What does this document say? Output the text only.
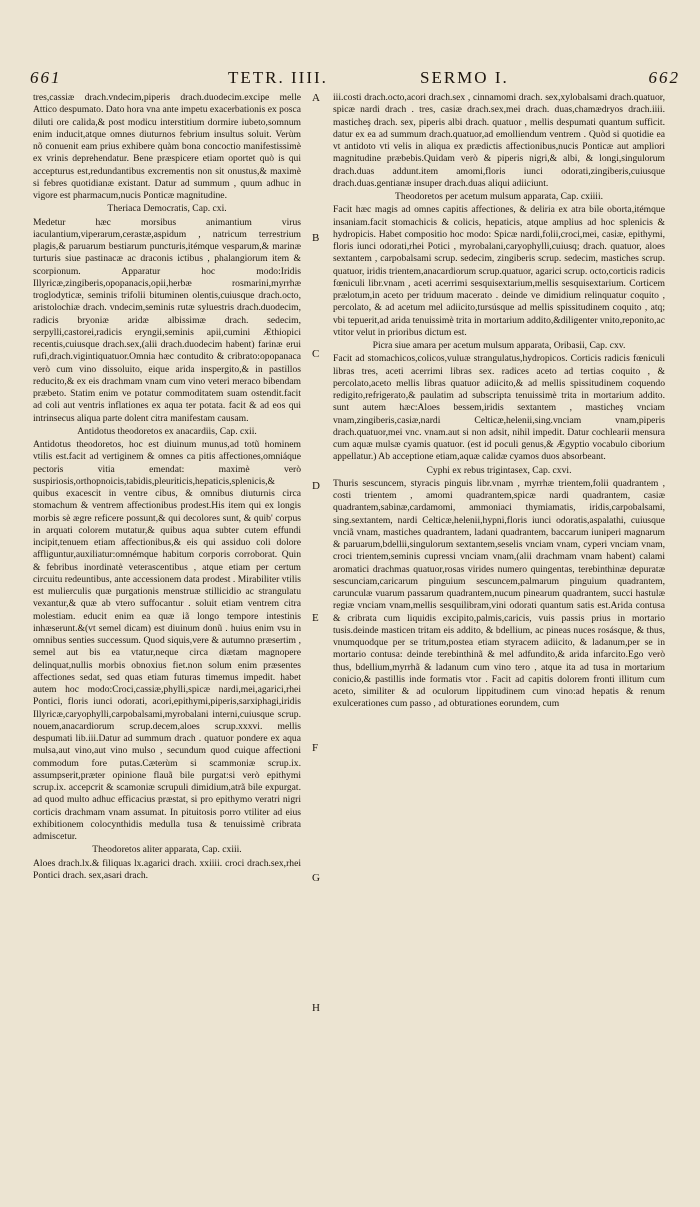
661	TETR. IIII.	SERMO I.	662

tres,cassiæ drach.vndecim,piperis drach.duodecim.excipe melle Attico despumato. Dato hora vna ante impetu exacerbationis ex posca diluti ore calida,& post modicu interstitium dormire iubeto,somnum enim inducit,atque omnes diuturnos febrium insultus soluit. Verùm nõ conuenit eam prius exhibere quàm bona concoctio manifestissimè ex vrinis deprehendatur. Bene præspicere etiam oportet quò is qui accepturus est,redundantibus excrementis non sit onustus,& maximè si febres quotidianæ existant. Datur ad summum , quum adhuc in vigore est pharmacum,nucis Ponticæ magnitudine.

Theriaca Democratis, Cap. cxi.

Medetur hæc morsibus animantium virus iaculantium,viperarum,cerastæ,aspidum , natricum terrestrium plagis,& paruarum bestiarum puncturis,itémque vesparum,& marinæ turturis siue pastinacæ ac draconis ictibus , phalangiorum item & scorpionum. Apparatur hoc modo:Iridis Illyricæ,zingiberis,opopanacis,opii,herbæ rosmarini,myrrhæ troglodyticæ, seminis trifolii bituminen olentis,cuiusque drach.octo, aristolochiæ drach. vndecim,seminis rutæ syluestris drach.duodecim, radicis bryoniæ aridæ albissimæ drach. sedecim, serpylli,castorei,radicis eryngii,seminis apii,cumini Æthiopici recentis,cuiusque drach.sex,(alii drach.duodecim habent) farinæ erui rufi,drach.vigintiquatuor.Omnia hæc contudito & cribrato:opopanaca verò cum vino dissoluito, eique arida inspergito,& in pastillos reducito,& ex eis drachmam vnam cum vino veteri meraco bibendam præbeto. Statim enim ve potatur commoditatem suam ostendit.facit ad coli aut ventris inflationes ex aqua ter potata. facit & ad eos qui intrinsecus aliqua parte dolent citra manifestam causam.

Antidotus theodoretos ex anacardiis, Cap. cxii.

Antidotus theodoretos, hoc est diuinum munus,ad totũ hominem vtilis est.facit ad vertiginem & omnes ca pitis affectiones,omniáque pectoris vitia emendat: maximè verò suspiriosis,orthopnoicis,tabidis,pleuriticis,hepaticis,splenicis,& quibus exacescit in ventre cibus, & omnibus diuturnis circa stomachum & ventrem affectionibus prodest.His item qui ex longis morbis sè ægre reficere possunt,& qui decolores sunt, & quib' corpus in arquati colorem mutatur,& quibus aqua subter cutem effundi incipit,tenuem etiam affectionibus,& eis qui assiduo coli dolore affliguntur,auxiliatur:omnémque habitum corporis corroborat. Quin & febribus inordinatè veterascentibus , atque etiam per certum circuitu redeuntibus, ante accessionem data prodest . Mirabiliter vtilis est mulierculis quæ purgationis menstruæ stillicidio ac strangulatu vexantur,& quæ ab vtero suffocantur . soluit etiam ventrem citra molestiam. educit enim ea quæ iã longo tempore intestinis inhæserunt.&(vt semel dicam) est diuinum donũ . huius enim vsu in omnibus senties successum. Quod siquis,vere & autumno præsertim , semel aut bis ea vtatur,neque circa diætam magnopere delinquat,nullis morbis obnoxius fiet.non solum enim præsentes affectiones sedat, sed quas etiam futuras timemus impedit. habet autem hoc modo:Croci,cassiæ,phylli,spicæ nardi,mei,agarici,rhei Pontici, floris iunci odorati, acori,epithymi,piperis,sarxiphagi,iridis Illyricæ,caryophylli,carpobalsami,myrobalani interni,cuiusque scrup. nouem,anacardiorum scrup.decem,aloes scrup.xxxvi. mellis despumati lib.iii.Datur ad summum drach . quatuor pondere ex aqua mulsa,aut vino,aut vino mulso , secundum quod cuique affectioni commodum fore putas.Cæterùm si scammoniæ scrup.ix. assumpserit,præter opinione flauã bile purgat:si verò epithymi scrup.ix. accepcrit & scamoniæ scrupuli dimidium,atrã bile expurgat. ad quod multo adhuc efficacius præstat, si pro epithymo veratri nigri corticis drachmam vnam assumat. In pituitosis porro vtiliter ad eius exhibitionem colocynthidis medulla tusa & tenuissimè cribrata admiscetur.

Theodoretos aliter apparata, Cap. cxiii.

Aloes drach.lx.& filiquas lx.agarici drach. xxiiii. croci drach.sex,rhei Pontici drach. sex,asari drach.

A
B
C
D
E
F
G
H

iii.costi drach.octo,acori drach.sex , cinnamomi drach. sex,xylobalsami drach.quatuor, spicæ nardi drach . tres, casiæ drach.sex,mei drach. duas,chamædryos drach.iiii. masticheş drach. sex, piperis albi drach. quatuor , mellis despumati quantum sufficit. datur ex ea ad summum drach.quatuor,ad emolliendum ventrem . Quòd si quotidie ea vt antidoto vti velis in aliqua ex prædictis affectionibus,nucis Ponticæ aut ampliori magnitudine præbebis.Quidam verò & piperis nigri,& albi, & longi,singulorum drach.duas addunt.item amomi,floris iunci odorati,zingiberis,cuiusque drach.duas.gentianæ insuper drach.duas aliqui adiiciunt.

Theodoretos per acetum mulsum apparata, Cap. cxiiii.

Facit hæc magis ad omnes capitis affectiones, & deliria ex atra bile oborta,itémque insaniam.facit stomachicis & colicis, hepaticis, atque amplius ad hoc splenicis & hydropicis. Habet compositio hoc modo: Spicæ nardi,folii,croci,mei, casiæ, epithymi, floris iunci odorati,rhei Potici , myrobalani,caryophylli,cuiusq; drach. quatuor, aloes sextantem , carpobalsami scrup. sedecim, zingiberis scrup. sedecim, mastiches scrup. quatuor, iridis trientem,anacardiorum scrup.quatuor, agarici scrup. octo,corticis radicis fœniculi libr.vnam , aceti acerrimi sesquisextarium,mellis sesquisextarium. Corticem prælotum,in aceto per triduum macerato . deinde ve dimidium relinquatur coquito , percolato, & ad acetum mel adiicito,tursúsque ad mellis spissitudinem coquito , atq; vbi tepuerit,ad arida tenuissimè trita in mortarium addito,&diligenter vnito,reponito,ac vtitor velut in prioribus dictum est.

Picra siue amara per acetum mulsum apparata, Oribasii, Cap. cxv.

Facit ad stomachicos,colicos,vuluæ strangulatus,hydropicos. Corticis radicis fœniculi libras tres, aceti acerrimi libras sex. radices aceto ad tertias coquito , & percolato,aceto mellis libras quatuor adiicito,& ad mellis spissitudinem coquendo redigito,refrigerato,& paulatim ad subscripta tenuissimè trita in mortarium addito. sunt autem hæc:Aloes bessem,iridis sextantem , masticheş vnciam vnam,zingiberis,casiæ,nardi Celticæ,helenii,sing.vnciam vnam,piperis drach.quatuor,mei vnc. vnam.aut si non adsit, nihil impedit. Datur cochlearii mensura cum aquæ mulsæ cyamis quatuor. (est id poculi genus,& Ægyptio vocabulo ciborium appellatur.) Ab acceptione etiam,aquæ calidæ cyamos duos absorbeant.

Cyphi ex rebus trigintasex, Cap. cxvi.

Thuris sescuncem, styracis pinguis libr.vnam , myrrhæ trientem,folii quadrantem , costi trientem , amomi quadrantem,spicæ nardi quadrantem, casiæ quadrantem,sabinæ,cardamomi, ammoniaci thymiamatis, iridis,carpobalsami, sing.sextantem, nardi Celticæ,helenii,hypni,floris iunci odoratis,aspalathi, cuiusque vnciã vnam, mastiches quadrantem, ladani quadrantem, baccarum iuniperi magnarum & paruarum,bdellii,singulorum sextantem,seselis vnciam vnam, cyperi vnciam vnam, croci trientem,seminis cupressi vnciam vnam,(alii drachmam vnam habent) calami aromatici drachmas quatuor,rosas virides numero quingentas, terebinthinæ depuratæ sescunciam,caricarum pinguium sescuncem,palmarum pinguium quadrantem, carunculæ vuarum passarum quadrantem,nucum pinearum quadrantem, succi hastulæ regiæ vnciam vnam,mellis sesquilibram,vini odorati quantum satis est.Arida contusa & cribrata cum liquidis excipito,palmis,caricis, vuis passis prius in mortario tusis.deinde masticen tritam eis addito, & bdellium, ac pineas nuces rosásque, & thus, vnumquodque per se tritum,postea etiam styracem adiicito, & ladanum,per se in mortario contusa: deinde terebinthinã & mel adfundito,& arida infarcito.Ego verò thus, bdellium,myrrhã & ladanum cum vino tero , atque ita ad tusa in mortarium conicio,& pastillis inde formatis vtor . Facit ad capitis dolorem fronti illitum cum aceto, similiter & ad oculorum lippitudinem cum vino:ad hepatis & renum exulcerationes cum passo , ad obturationes eorundem, cum
